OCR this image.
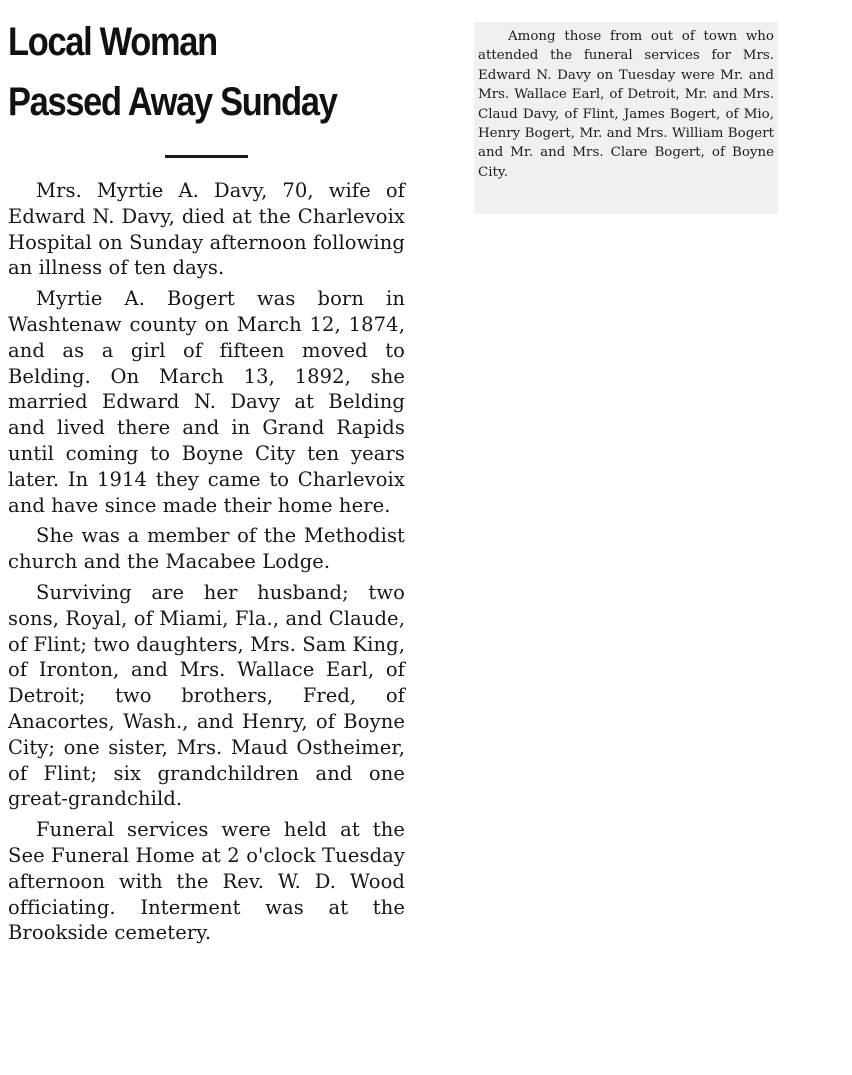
Local Woman
Passed Away Sunday

Mrs. Myrtie A. Davy, 70, wife of Edward N. Davy, died at the Charlevoix Hospital on Sunday afternoon following an illness of ten days.

Myrtie A. Bogert was born in Washtenaw county on March 12, 1874, and as a girl of fifteen moved to Belding. On March 13, 1892, she married Edward N. Davy at Belding and lived there and in Grand Rapids until coming to Boyne City ten years later. In 1914 they came to Charlevoix and have since made their home here.

She was a member of the Methodist church and the Macabee Lodge.

Surviving are her husband; two sons, Royal, of Miami, Fla., and Claude, of Flint; two daughters, Mrs. Sam King, of Ironton, and Mrs. Wallace Earl, of Detroit; two brothers, Fred, of Anacortes, Wash., and Henry, of Boyne City; one sister, Mrs. Maud Ostheimer, of Flint; six grandchildren and one great-grandchild.

Funeral services were held at the See Funeral Home at 2 o'clock Tuesday afternoon with the Rev. W. D. Wood officiating. Interment was at the Brookside cemetery.

Among those from out of town who attended the funeral services for Mrs. Edward N. Davy on Tuesday were Mr. and Mrs. Wallace Earl, of Detroit, Mr. and Mrs. Claud Davy, of Flint, James Bogert, of Mio, Henry Bogert, Mr. and Mrs. William Bogert and Mr. and Mrs. Clare Bogert, of Boyne City.
